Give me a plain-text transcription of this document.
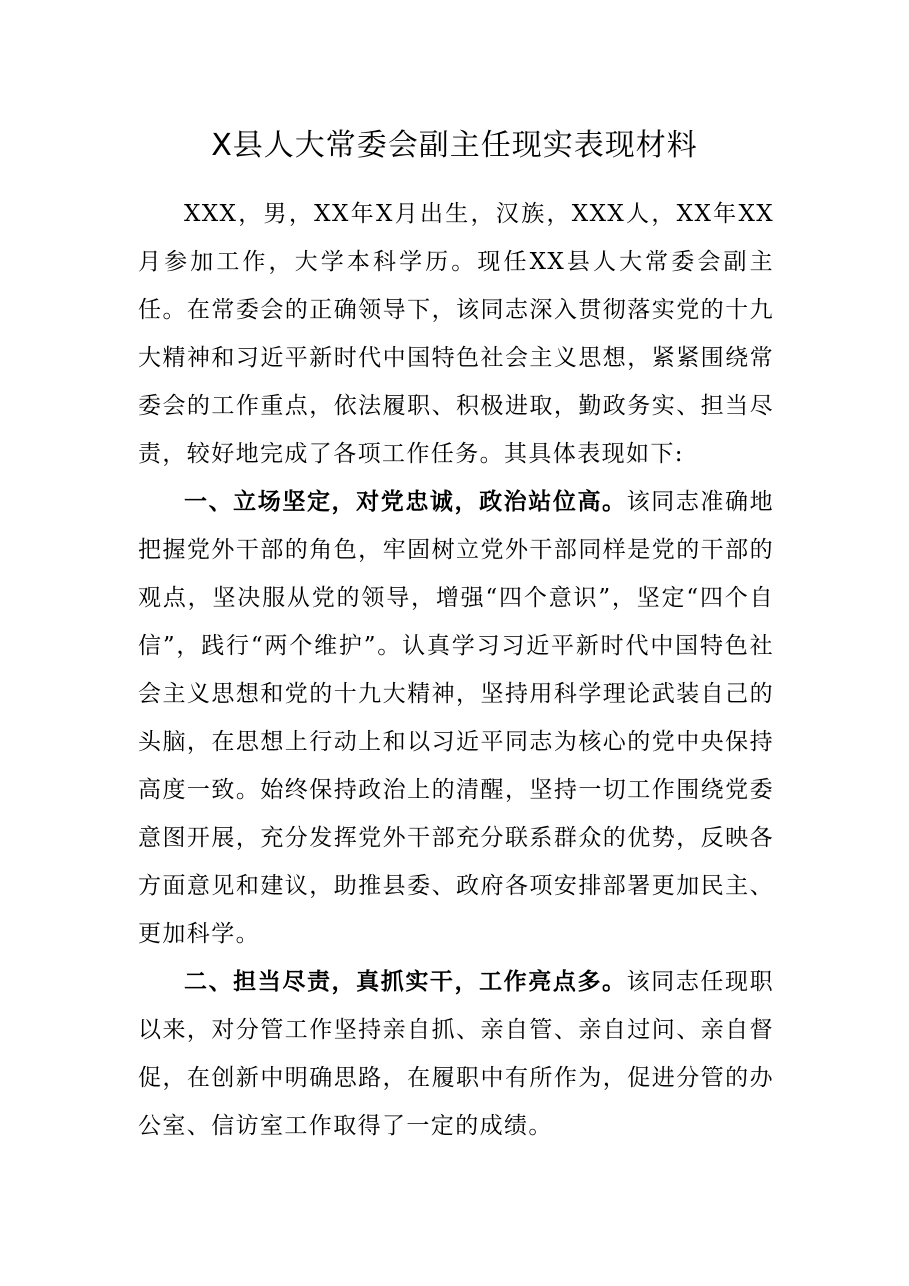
X县人大常委会副主任现实表现材料

XXX，男，XX年X月出生，汉族，XXX人，XX年XX月参加工作，大学本科学历。现任XX县人大常委会副主任。在常委会的正确领导下，该同志深入贯彻落实党的十九大精神和习近平新时代中国特色社会主义思想，紧紧围绕常委会的工作重点，依法履职、积极进取，勤政务实、担当尽责，较好地完成了各项工作任务。其具体表现如下:

一、立场坚定，对党忠诚，政治站位高。该同志准确地把握党外干部的角色，牢固树立党外干部同样是党的干部的观点，坚决服从党的领导，增强“四个意识”，坚定“四个自信”，践行“两个维护”。认真学习习近平新时代中国特色社会主义思想和党的十九大精神，坚持用科学理论武装自己的头脑，在思想上行动上和以习近平同志为核心的党中央保持高度一致。始终保持政治上的清醒，坚持一切工作围绕党委意图开展，充分发挥党外干部充分联系群众的优势，反映各方面意见和建议，助推县委、政府各项安排部署更加民主、更加科学。

二、担当尽责，真抓实干，工作亮点多。该同志任现职以来，对分管工作坚持亲自抓、亲自管、亲自过问、亲自督促，在创新中明确思路，在履职中有所作为，促进分管的办公室、信访室工作取得了一定的成绩。
